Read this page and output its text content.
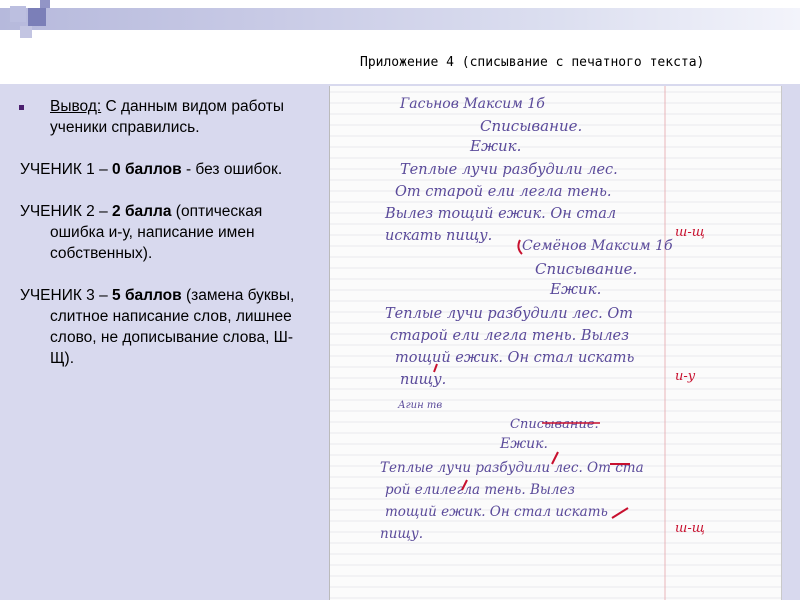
Приложение 4 (списывание с печатного текста)
Вывод: С данным видом работы ученики справились.
УЧЕНИК 1 – 0 баллов - без ошибок.
УЧЕНИК 2 – 2 балла (оптическая ошибка и-у, написание имен собственных).
УЧЕНИК 3 – 5 баллов (замена буквы, слитное написание слов, лишнее слово, не дописывание слова, Ш-Щ).
Гасьнов Максим 1б
Списывание.
Ежик.
Теплые лучи разбудили лес.
От старой ели легла тень.
Вылез тощий ежик. Он стал
искать пищу.	ш-щ
Семёнов Максим 1б
Списывание.
Ежик.
Теплые лучи разбудили лес. От
старой ели легла тень. Вылез
тощий ежик. Он стал искать
пищу.	и-у
Агин тв
Списывание.
Ежик.
Теплые лучи разбудили лес. От ста
рой елилегла тень. Вылез
тощий ежик. Он стал искать
пищу.	ш-щ
